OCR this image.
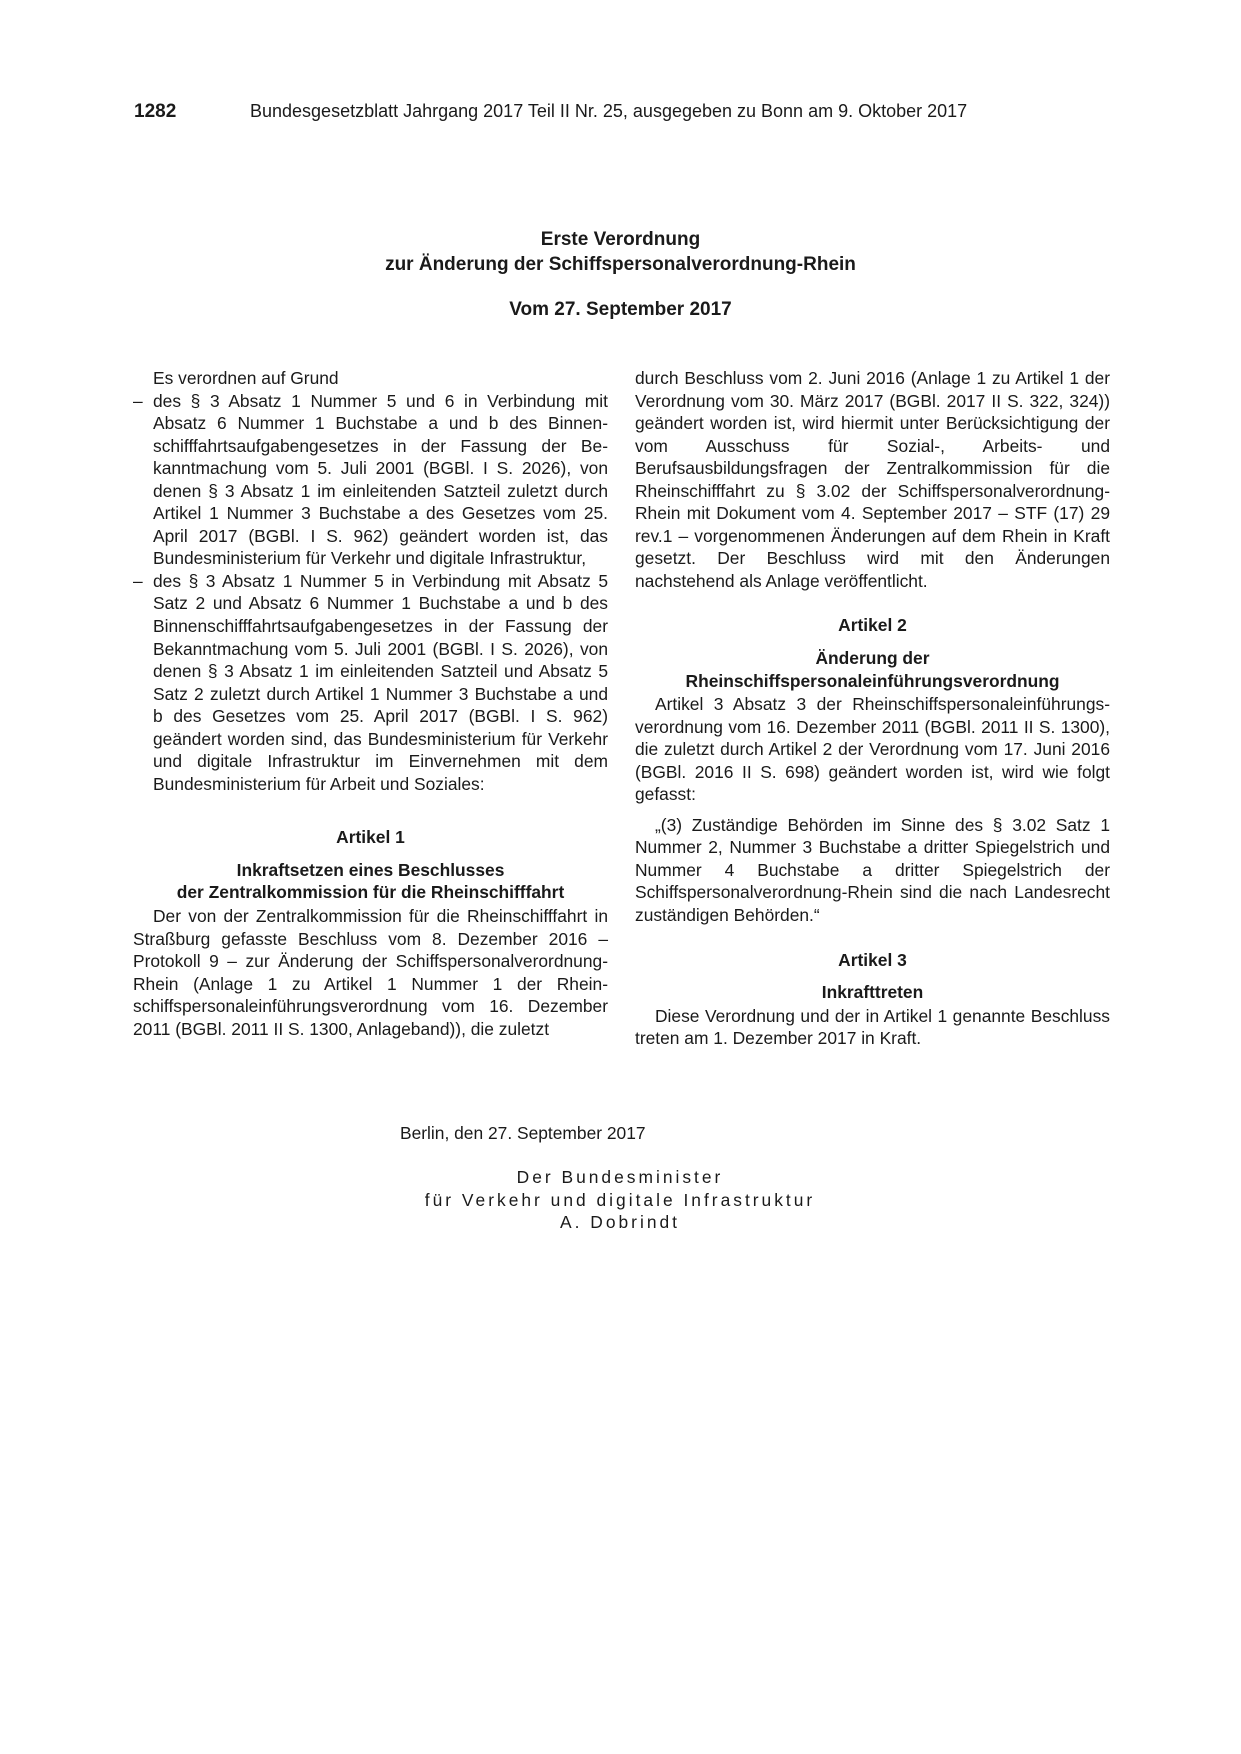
1282	Bundesgesetzblatt Jahrgang 2017 Teil II Nr. 25, ausgegeben zu Bonn am 9. Oktober 2017
Erste Verordnung
zur Änderung der Schiffspersonalverordnung-Rhein
Vom 27. September 2017

Es verordnen auf Grund

– des § 3 Absatz 1 Nummer 5 und 6 in Verbindung mit Absatz 6 Nummer 1 Buchstabe a und b des Binnenschifffahrtsaufgabengesetzes in der Fassung der Bekanntmachung vom 5. Juli 2001 (BGBl. I S. 2026), von denen § 3 Absatz 1 im einleitenden Satzteil zuletzt durch Artikel 1 Nummer 3 Buchstabe a des Gesetzes vom 25. April 2017 (BGBl. I S. 962) geändert worden ist, das Bundesministerium für Verkehr und digitale Infrastruktur,

– des § 3 Absatz 1 Nummer 5 in Verbindung mit Absatz 5 Satz 2 und Absatz 6 Nummer 1 Buchstabe a und b des Binnenschifffahrtsaufgabengesetzes in der Fassung der Bekanntmachung vom 5. Juli 2001 (BGBl. I S. 2026), von denen § 3 Absatz 1 im einleitenden Satzteil und Absatz 5 Satz 2 zuletzt durch Artikel 1 Nummer 3 Buchstabe a und b des Gesetzes vom 25. April 2017 (BGBl. I S. 962) geändert worden sind, das Bundesministerium für Verkehr und digitale Infrastruktur im Einvernehmen mit dem Bundesministerium für Arbeit und Soziales:

Artikel 1
Inkraftsetzen eines Beschlusses
der Zentralkommission für die Rheinschifffahrt

Der von der Zentralkommission für die Rheinschifffahrt in Straßburg gefasste Beschluss vom 8. Dezember 2016 – Protokoll 9 – zur Änderung der Schiffspersonalverordnung-Rhein (Anlage 1 zu Artikel 1 Nummer 1 der Rheinschiffspersonaleinführungsverordnung vom 16. Dezember 2011 (BGBl. 2011 II S. 1300, Anlageband)), die zuletzt

durch Beschluss vom 2. Juni 2016 (Anlage 1 zu Artikel 1 der Verordnung vom 30. März 2017 (BGBl. 2017 II S. 322, 324)) geändert worden ist, wird hiermit unter Berücksichtigung der vom Ausschuss für Sozial-, Arbeits- und Berufsausbildungsfragen der Zentralkommission für die Rheinschifffahrt zu § 3.02 der Schiffspersonalverordnung-Rhein mit Dokument vom 4. September 2017 – STF (17) 29 rev.1 – vorgenommenen Änderungen auf dem Rhein in Kraft gesetzt. Der Beschluss wird mit den Änderungen nachstehend als Anlage veröffentlicht.

Artikel 2
Änderung der
Rheinschiffspersonaleinführungsverordnung

Artikel 3 Absatz 3 der Rheinschiffspersonaleinführungsverordnung vom 16. Dezember 2011 (BGBl. 2011 II S. 1300), die zuletzt durch Artikel 2 der Verordnung vom 17. Juni 2016 (BGBl. 2016 II S. 698) geändert worden ist, wird wie folgt gefasst:

„(3) Zuständige Behörden im Sinne des § 3.02 Satz 1 Nummer 2, Nummer 3 Buchstabe a dritter Spiegelstrich und Nummer 4 Buchstabe a dritter Spiegelstrich der Schiffspersonalverordnung-Rhein sind die nach Landesrecht zuständigen Behörden.“

Artikel 3
Inkrafttreten

Diese Verordnung und der in Artikel 1 genannte Beschluss treten am 1. Dezember 2017 in Kraft.

Berlin, den 27. September 2017
Der Bundesminister
für Verkehr und digitale Infrastruktur
A. Dobrindt
